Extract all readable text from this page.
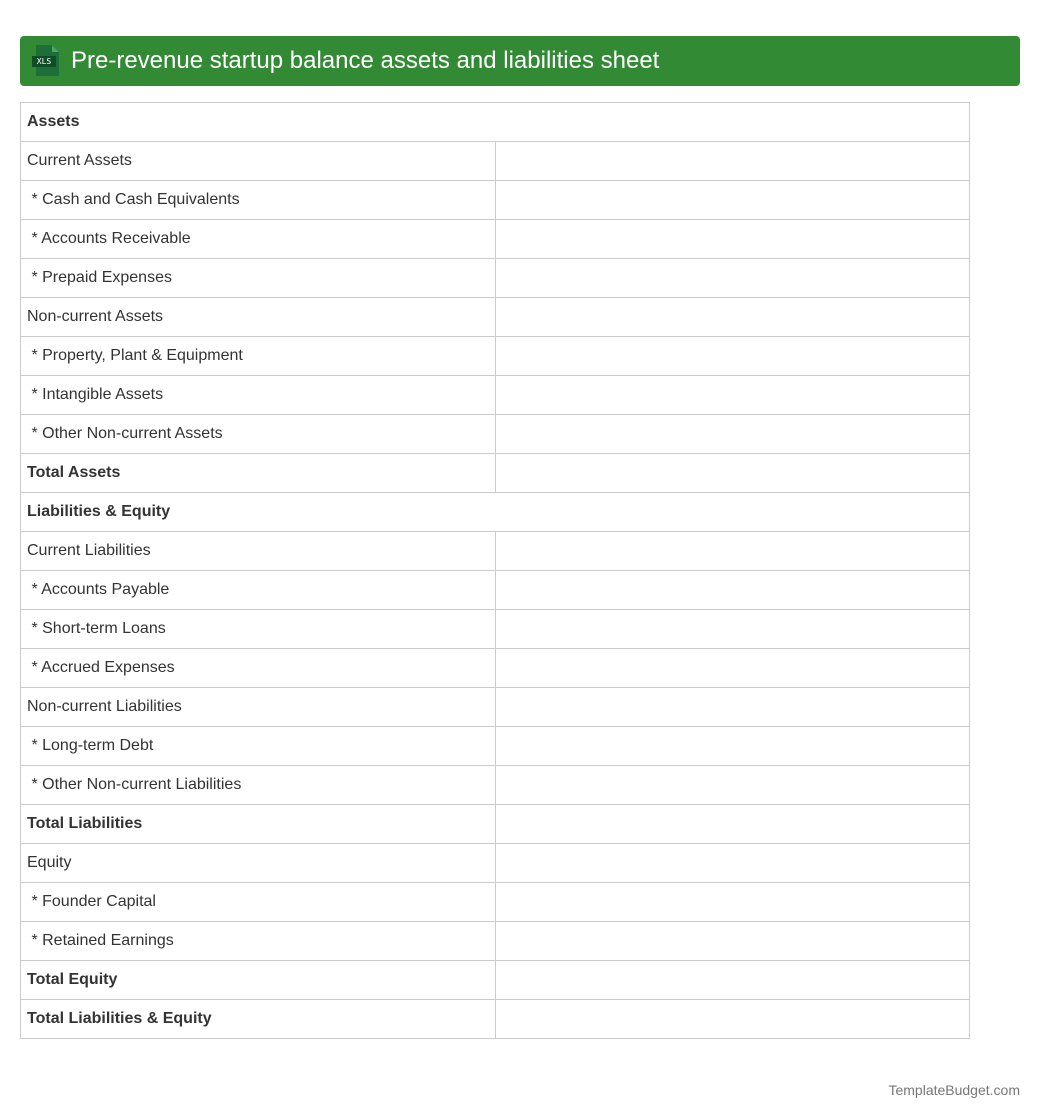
XLS Pre-revenue startup balance assets and liabilities sheet
Assets	
Current Assets	
* Cash and Cash Equivalents	
* Accounts Receivable	
* Prepaid Expenses	
Non-current Assets	
* Property, Plant & Equipment	
* Intangible Assets	
* Other Non-current Assets	
Total Assets	
Liabilities & Equity	
Current Liabilities	
* Accounts Payable	
* Short-term Loans	
* Accrued Expenses	
Non-current Liabilities	
* Long-term Debt	
* Other Non-current Liabilities	
Total Liabilities	
Equity	
* Founder Capital	
* Retained Earnings	
Total Equity	
Total Liabilities & Equity	
TemplateBudget.com
